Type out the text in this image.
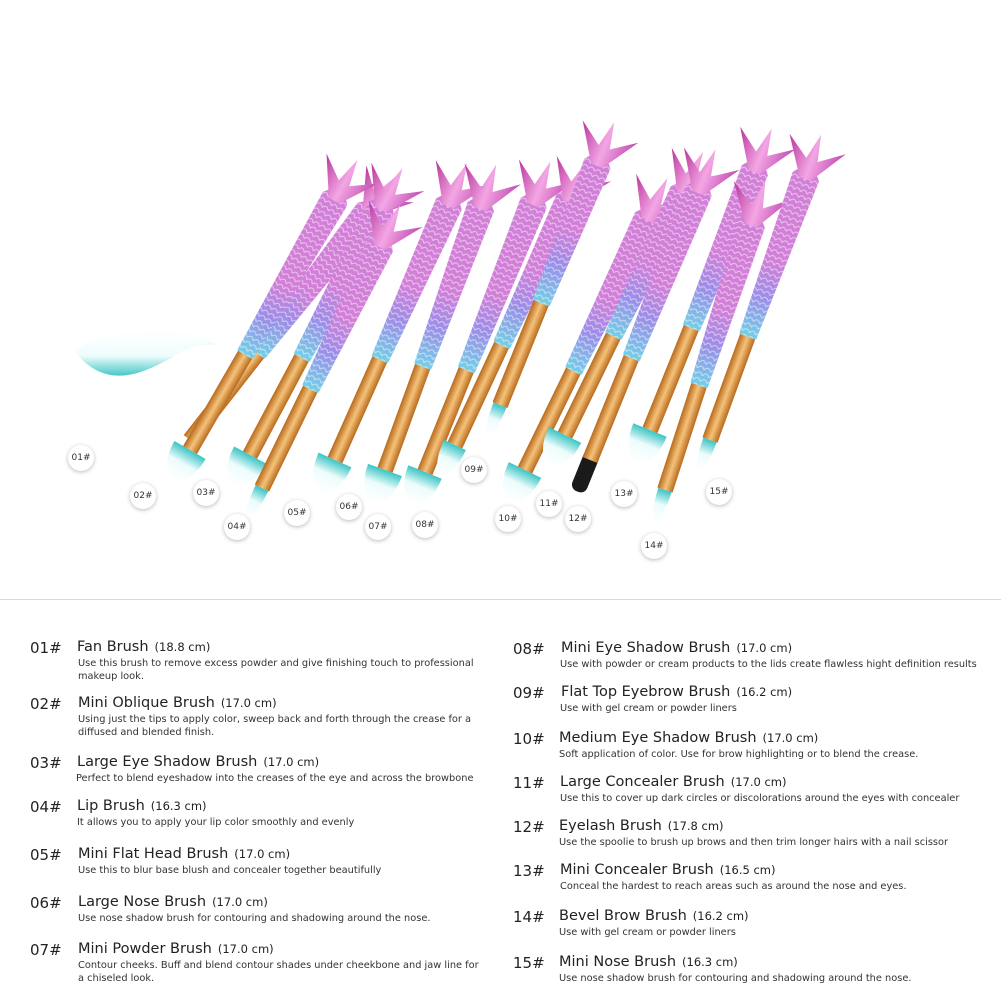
01#
02#	03#
04#
05#
06#
07#	08#
09#
10#
11#
12#
13#
14#
15#
01# Fan Brush (18.8 cm)
Use this brush to remove excess powder and give finishing touch to professional makeup look.
02# Mini Oblique Brush (17.0 cm)
Using just the tips to apply color, sweep back and forth through the crease for a diffused and blended finish.
03# Large Eye Shadow Brush (17.0 cm)
Perfect to blend eyeshadow into the creases of the eye and across the browbone
04# Lip Brush (16.3 cm)
It allows you to apply your lip color smoothly and evenly
05# Mini Flat Head Brush (17.0 cm)
Use this to blur base blush and concealer together beautifully
06# Large Nose Brush (17.0 cm)
Use nose shadow brush for contouring and shadowing around the nose.
07# Mini Powder Brush (17.0 cm)
Contour cheeks. Buff and blend contour shades under cheekbone and jaw line for a chiseled look.
08# Mini Eye Shadow Brush (17.0 cm)
Use with powder or cream products to the lids create flawless hight definition results
09# Flat Top Eyebrow Brush (16.2 cm)
Use with gel cream or powder liners
10# Medium Eye Shadow Brush (17.0 cm)
Soft application of color. Use for brow highlighting or to blend the crease.
11# Large Concealer Brush (17.0 cm)
Use this to cover up dark circles or discolorations around the eyes with concealer
12# Eyelash Brush (17.8 cm)
Use the spoolie to brush up brows and then trim longer hairs with a nail scissor
13# Mini Concealer Brush (16.5 cm)
Conceal the hardest to reach areas such as around the nose and eyes.
14# Bevel Brow Brush (16.2 cm)
Use with gel cream or powder liners
15# Mini Nose Brush (16.3 cm)
Use nose shadow brush for contouring and shadowing around the nose.
